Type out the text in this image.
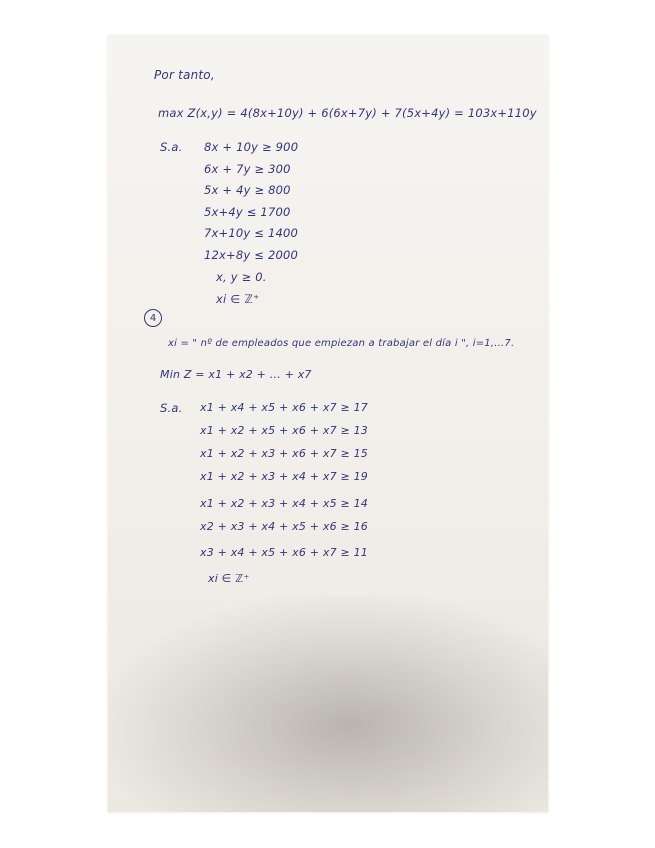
Por tanto,

max Z(x,y) = 4(8x+10y) + 6(6x+7y) + 7(5x+4y) = 103x+110y

S.a. 8x + 10y ≥ 900

6x + 7y ≥ 300

5x + 4y ≥ 800

5x+4y ≤ 1700

7x+10y ≤ 1400

12x+8y ≤ 2000

x, y ≥ 0.

xi ∈ ℤ⁺

4

xi = " nº de empleados que empiezan a trabajar el día i ", i=1,...7.

Min Z = x1 + x2 + ... + x7

S.a. x1 + x4 + x5 + x6 + x7 ≥ 17

x1 + x2 + x5 + x6 + x7 ≥ 13

x1 + x2 + x3 + x6 + x7 ≥ 15

x1 + x2 + x3 + x4 + x7 ≥ 19

x1 + x2 + x3 + x4 + x5 ≥ 14

x2 + x3 + x4 + x5 + x6 ≥ 16

x3 + x4 + x5 + x6 + x7 ≥ 11

xi ∈ ℤ⁺
